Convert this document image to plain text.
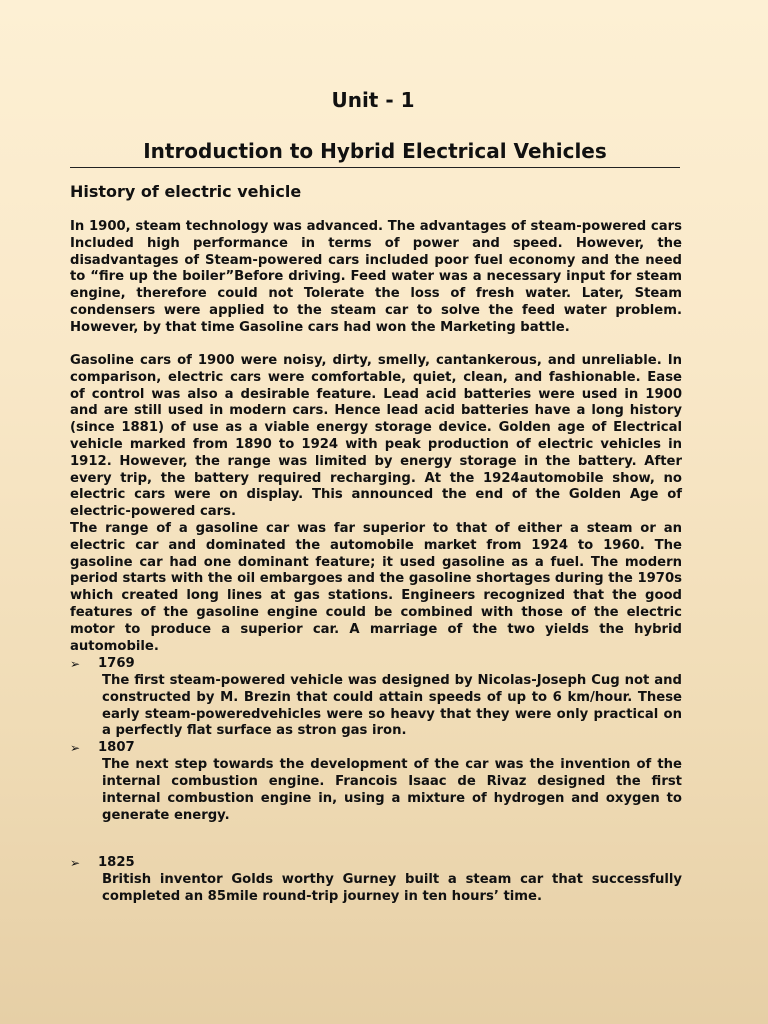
Unit - 1
Introduction to Hybrid Electrical Vehicles
History of electric vehicle
In 1900, steam technology was advanced. The advantages of steam-powered cars Included high performance in terms of power and speed. However, the disadvantages of Steam-powered cars included poor fuel economy and the need to “fire up the boiler”Before driving. Feed water was a necessary input for steam engine, therefore could not Tolerate the loss of fresh water. Later, Steam condensers were applied to the steam car to solve the feed water problem. However, by that time Gasoline cars had won the Marketing battle.
Gasoline cars of 1900 were noisy, dirty, smelly, cantankerous, and unreliable. In comparison, electric cars were comfortable, quiet, clean, and fashionable. Ease of control was also a desirable feature. Lead acid batteries were used in 1900 and are still used in modern cars. Hence lead acid batteries have a long history (since 1881) of use as a viable energy storage device. Golden age of Electrical vehicle marked from 1890 to 1924 with peak production of electric vehicles in 1912. However, the range was limited by energy storage in the battery. After every trip, the battery required recharging. At the 1924automobile show, no electric cars were on display. This announced the end of the Golden Age of electric-powered cars.
The range of a gasoline car was far superior to that of either a steam or an electric car and dominated the automobile market from 1924 to 1960. The gasoline car had one dominant feature; it used gasoline as a fuel. The modern period starts with the oil embargoes and the gasoline shortages during the 1970s which created long lines at gas stations. Engineers recognized that the good features of the gasoline engine could be combined with those of the electric motor to produce a superior car. A marriage of the two yields the hybrid automobile.
➢	1769
The first steam-powered vehicle was designed by Nicolas-Joseph Cug not and constructed by M. Brezin that could attain speeds of up to 6 km/hour. These early steam-poweredvehicles were so heavy that they were only practical on a perfectly flat surface as stron gas iron.
➢	1807
The next step towards the development of the car was the invention of the internal combustion engine. Francois Isaac de Rivaz designed the first internal combustion engine in, using a mixture of hydrogen and oxygen to generate energy.
➢	1825
British inventor Golds worthy Gurney built a steam car that successfully completed an 85mile round-trip journey in ten hours’ time.
